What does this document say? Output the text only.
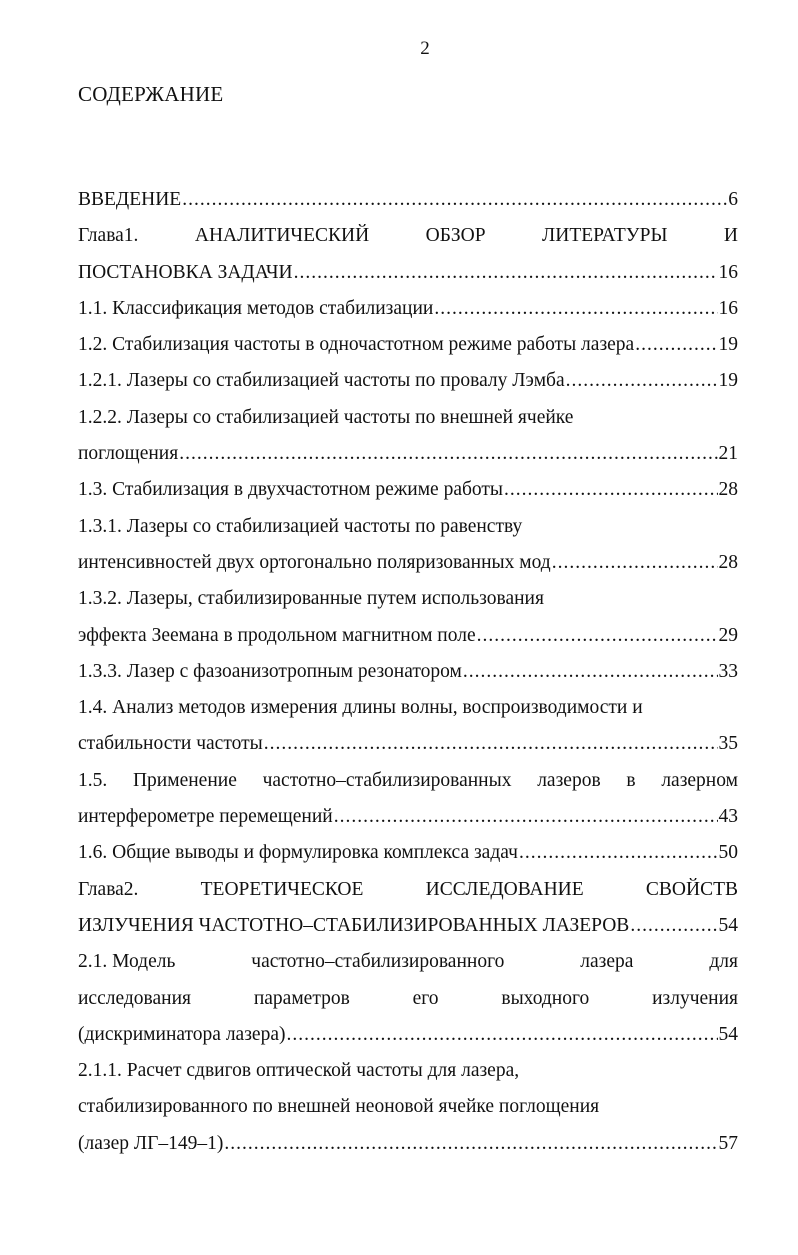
2
СОДЕРЖАНИЕ
ВВЕДЕНИЕ .....	6
Глава1.	АНАЛИТИЧЕСКИЙ	ОБЗОР	ЛИТЕРАТУРЫ	И
ПОСТАНОВКА ЗАДАЧИ .....	16
1.1. Классификация методов стабилизации .....	16
1.2. Стабилизация частоты в одночастотном режиме работы лазера .....	19
1.2.1. Лазеры со стабилизацией частоты по провалу Лэмба .....	19
1.2.2. Лазеры со стабилизацией частоты по внешней ячейке
поглощения .....	21
1.3. Стабилизация в двухчастотном режиме работы .....	28
1.3.1. Лазеры со стабилизацией частоты по равенству
интенсивностей двух ортогонально поляризованных мод .....	28
1.3.2. Лазеры, стабилизированные путем использования
эффекта Зеемана в продольном магнитном поле .....	29
1.3.3. Лазер с фазоанизотропным резонатором .....	33
1.4. Анализ методов измерения длины волны, воспроизводимости и
стабильности частоты .....	35
1.5. Применение частотно–стабилизированных лазеров в лазерном
интерферометре перемещений .....	43
1.6. Общие выводы и формулировка комплекса задач .....	50
Глава2.	ТЕОРЕТИЧЕСКОЕ	ИССЛЕДОВАНИЕ	СВОЙСТВ
ИЗЛУЧЕНИЯ ЧАСТОТНО–СТАБИЛИЗИРОВАННЫХ ЛАЗЕРОВ .....	54
2.1. Модель	частотно–стабилизированного	лазера	для
исследования	параметров	его	выходного	излучения
(дискриминатора лазера) .....	54
2.1.1. Расчет сдвигов оптической частоты для лазера,
стабилизированного по внешней неоновой ячейке поглощения
(лазер ЛГ–149–1) .....	57
